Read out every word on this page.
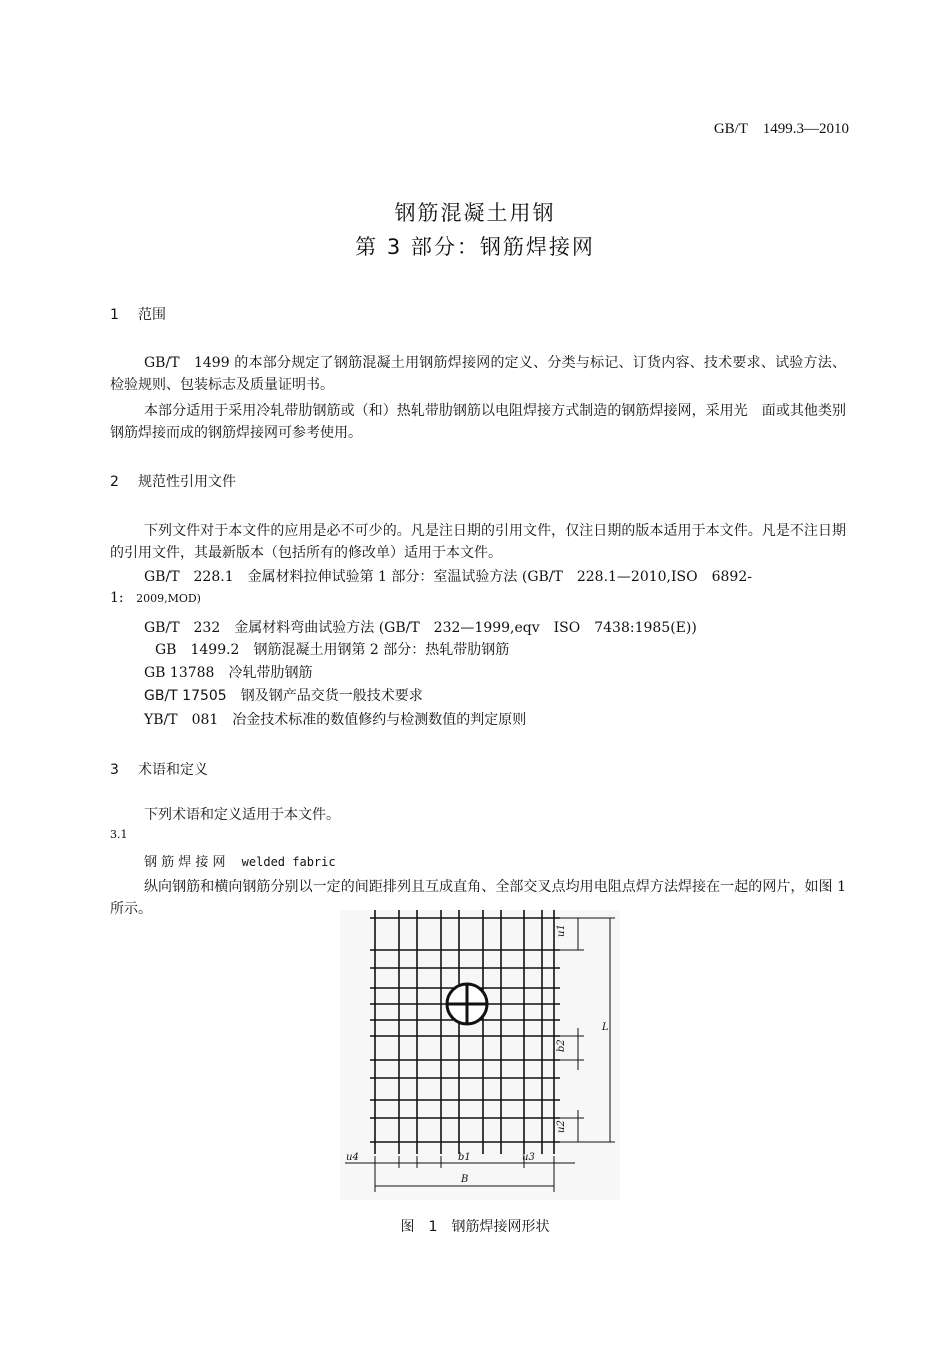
GB/T　1499.3—2010
钢筋混凝土用钢
第 3 部分：钢筋焊接网
1 范围
GB/T　1499 的本部分规定了钢筋混凝土用钢筋焊接网的定义、分类与标记、订货内容、技术要求、试验方法、检验规则、包装标志及质量证明书。
本部分适用于采用冷轧带肋钢筋或（和）热轧带肋钢筋以电阻焊接方式制造的钢筋焊接网，采用光　面或其他类别钢筋焊接而成的钢筋焊接网可参考使用。
2 规范性引用文件
下列文件对于本文件的应用是必不可少的。凡是注日期的引用文件，仅注日期的版本适用于本文件。凡是不注日期的引用文件，其最新版本（包括所有的修改单）适用于本文件。
GB/T　228.1　金属材料拉伸试验第 1 部分：室温试验方法 (GB/T　228.1—2010,ISO　6892-
1: 2009,MOD)
GB/T　232　金属材料弯曲试验方法 (GB/T　232—1999,eqv　ISO　7438:1985(E))
GB　1499.2　钢筋混凝土用钢第 2 部分：热轧带肋钢筋
GB 13788　冷轧带肋钢筋
GB/T 17505　钢及钢产品交货一般技术要求
YB/T　081　冶金技术标准的数值修约与检测数值的判定原则
3 术语和定义
下列术语和定义适用于本文件。
3.1
钢 筋 焊 接 网 welded fabric
纵向钢筋和横向钢筋分别以一定的间距排列且互成直角、全部交叉点均用电阻点焊方法焊接在一起的网片，如图 1 所示。
u1
L
b2
u2
u4	b1	u3
B
图　1　钢筋焊接网形状
